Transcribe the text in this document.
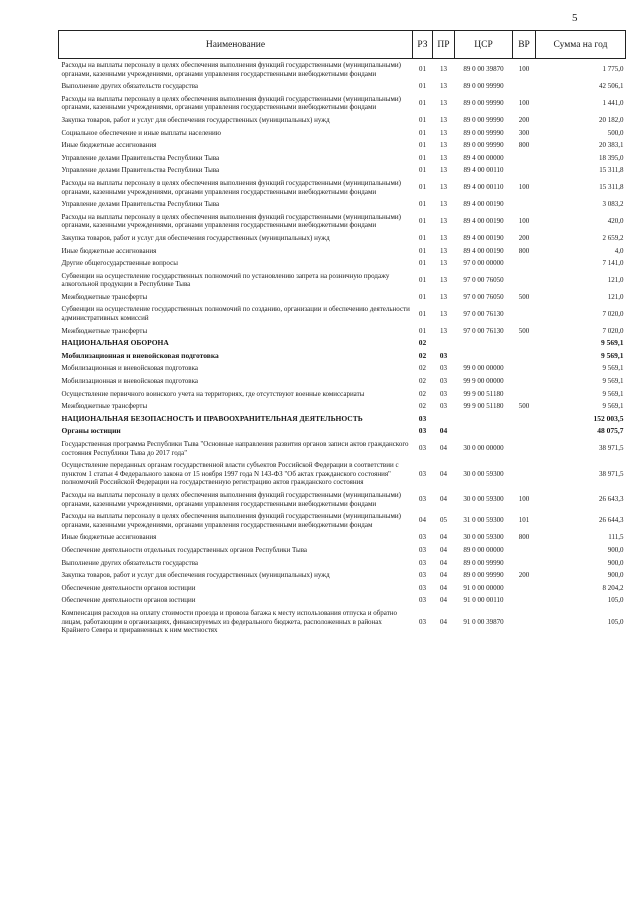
5
Наименование	РЗ	ПР	ЦСР	ВР	Сумма на год
Расходы на выплаты персоналу в целях обеспечения выполнения функций государственными (муниципальными) органами, казенными учреждениями, органами управления государственными внебюджетными фондами	01	13	89 0 00 39870	100	1 775,0
Выполнение других обязательств государства	01	13	89 0 00 99990		42 506,1
Расходы на выплаты персоналу в целях обеспечения выполнения функций государственными (муниципальными) органами, казенными учреждениями, органами управления государственными внебюджетными фондами	01	13	89 0 00 99990	100	1 441,0
Закупка товаров, работ и услуг для обеспечения государственных (муниципальных) нужд	01	13	89 0 00 99990	200	20 182,0
Социальное обеспечение и иные выплаты населению	01	13	89 0 00 99990	300	500,0
Иные бюджетные ассигнования	01	13	89 0 00 99990	800	20 383,1
Управление делами Правительства Республики Тыва	01	13	89 4 00 00000		18 395,0
Управление делами Правительства Республики Тыва	01	13	89 4 00 00110		15 311,8
Расходы на выплаты персоналу в целях обеспечения выполнения функций государственными (муниципальными) органами, казенными учреждениями, органами управления государственными внебюджетными фондами	01	13	89 4 00 00110	100	15 311,8
Управление делами Правительства Республики Тыва	01	13	89 4 00 00190		3 083,2
Расходы на выплаты персоналу в целях обеспечения выполнения функций государственными (муниципальными) органами, казенными учреждениями, органами управления государственными внебюджетными фондами	01	13	89 4 00 00190	100	420,0
Закупка товаров, работ и услуг для обеспечения государственных (муниципальных) нужд	01	13	89 4 00 00190	200	2 659,2
Иные бюджетные ассигнования	01	13	89 4 00 00190	800	4,0
Другие общегосударственные вопросы	01	13	97 0 00 00000		7 141,0
Субвенции на осуществление государственных полномочий по установлению запрета на розничную продажу алкогольной продукции в Республике Тыва	01	13	97 0 00 76050		121,0
Межбюджетные трансферты	01	13	97 0 00 76050	500	121,0
Субвенции на осуществление государственных полномочий по созданию, организации и обеспечению деятельности административных комиссий	01	13	97 0 00 76130		7 020,0
Межбюджетные трансферты	01	13	97 0 00 76130	500	7 020,0
НАЦИОНАЛЬНАЯ ОБОРОНА	02				9 569,1
Мобилизационная и вневойсковая подготовка	02	03			9 569,1
Мобилизационная и вневойсковая подготовка	02	03	99 0 00 00000		9 569,1
Мобилизационная и вневойсковая подготовка	02	03	99 9 00 00000		9 569,1
Осуществление первичного воинского учета на территориях, где отсутствуют военные комиссариаты	02	03	99 9 00 51180		9 569,1
Межбюджетные трансферты	02	03	99 9 00 51180	500	9 569,1
НАЦИОНАЛЬНАЯ БЕЗОПАСНОСТЬ И ПРАВООХРАНИТЕЛЬНАЯ ДЕЯТЕЛЬНОСТЬ	03				152 003,5
Органы юстиции	03	04			48 075,7
Государственная программа Республики Тыва "Основные направления развития органов записи актов гражданского состояния Республики Тыва до 2017 года"	03	04	30 0 00 00000		38 971,5
Осуществление переданных органам государственной власти субъектов Российской Федерации в соответствии с пунктом 1 статьи 4 Федерального закона от 15 ноября 1997 года N 143-ФЗ "Об актах гражданского состояния" полномочий Российской Федерации на государственную регистрацию актов гражданского состояния	03	04	30 0 00 59300		38 971,5
Расходы на выплаты персоналу в целях обеспечения выполнения функций государственными (муниципальными) органами, казенными учреждениями, органами управления государственными внебюджетными фондами	03	04	30 0 00 59300	100	26 643,3
Расходы на выплаты персоналу в целях обеспечения выполнения функций государственными (муниципальными) органами, казенными учреждениями, органами управления государственными внебюджетными фондам	04	05	31 0 00 59300	101	26 644,3
Иные бюджетные ассигнования	03	04	30 0 00 59300	800	111,5
Обеспечение деятельности отдельных государственных органов Республики Тыва	03	04	89 0 00 00000		900,0
Выполнение других обязательств государства	03	04	89 0 00 99990		900,0
Закупка товаров, работ и услуг для обеспечения государственных (муниципальных) нужд	03	04	89 0 00 99990	200	900,0
Обеспечение деятельности органов юстиции	03	04	91 0 00 00000		8 204,2
Обеспечение деятельности органов юстиции	03	04	91 0 00 00110		105,0
Компенсация расходов на оплату стоимости проезда и провоза багажа к месту использования отпуска и обратно лицам, работающим в организациях, финансируемых из федерального бюджета, расположенных в районах Крайнего Севера и приравненных к ним местностях	03	04	91 0 00 39870		105,0
